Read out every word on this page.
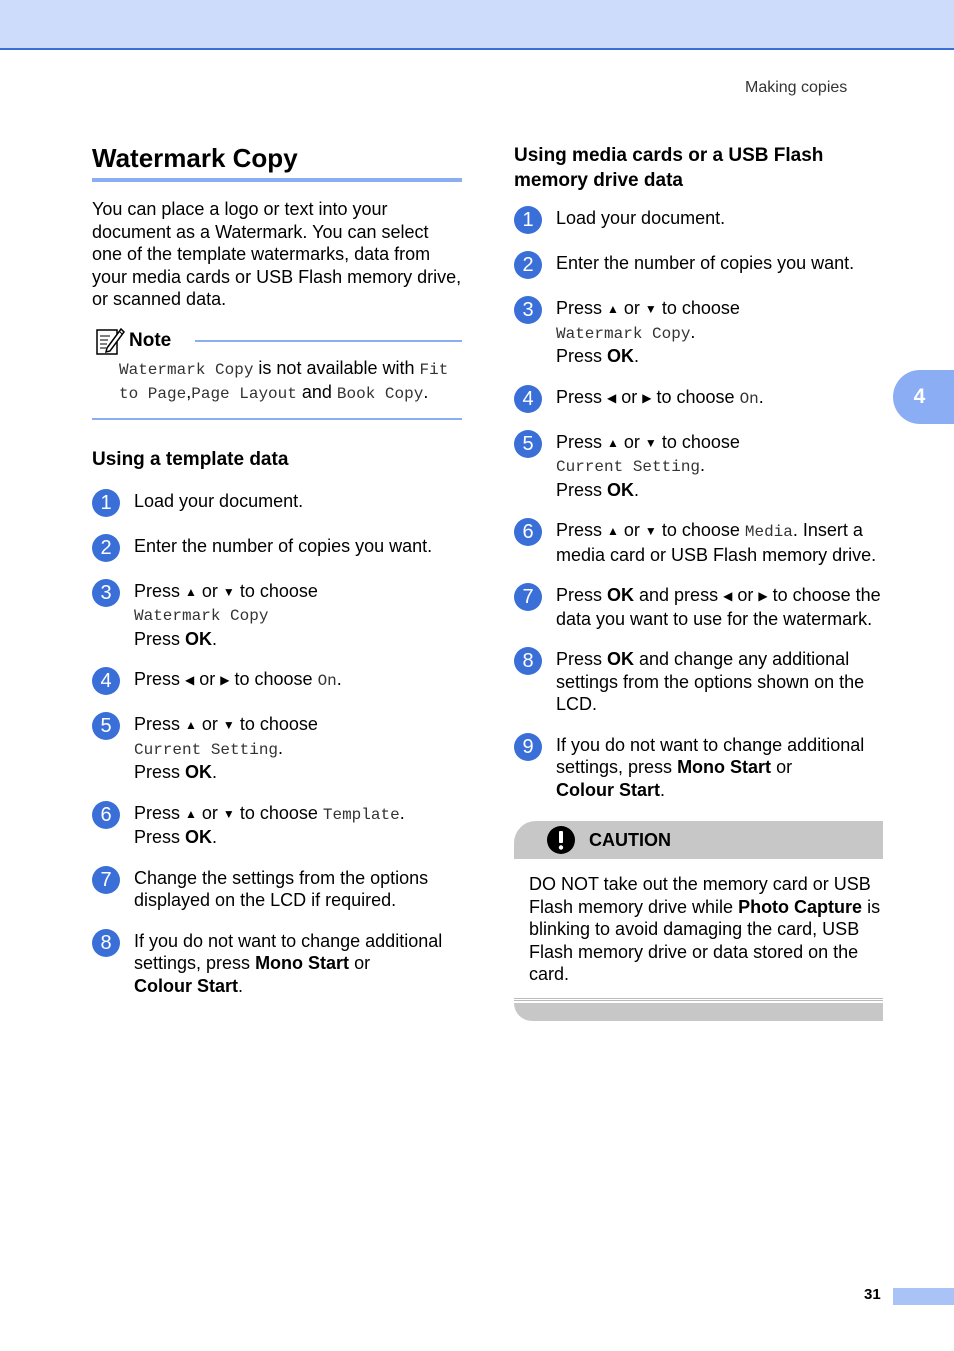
Making copies
4
Watermark Copy

You can place a logo or text into your document as a Watermark. You can select one of the template watermarks, data from your media cards or USB Flash memory drive, or scanned data.

Note
Watermark Copy is not available with Fit to Page,Page Layout and Book Copy.
Using a template data
1	Load your document.
2	Enter the number of copies you want.
3	Press ▲ or ▼ to choose
Watermark Copy
Press OK.
4	Press ◀ or ▶ to choose On.
5	Press ▲ or ▼ to choose
Current Setting.
Press OK.
6	Press ▲ or ▼ to choose Template.
Press OK.
7	Change the settings from the options displayed on the LCD if required.
8	If you do not want to change additional settings, press Mono Start or
Colour Start.
Using media cards or a USB Flash memory drive data
1	Load your document.
2	Enter the number of copies you want.
3	Press ▲ or ▼ to choose
Watermark Copy.
Press OK.
4	Press ◀ or ▶ to choose On.
5	Press ▲ or ▼ to choose
Current Setting.
Press OK.
6	Press ▲ or ▼ to choose Media. Insert a media card or USB Flash memory drive.
7	Press OK and press ◀ or ▶ to choose the data you want to use for the watermark.
8	Press OK and change any additional settings from the options shown on the LCD.
9	If you do not want to change additional settings, press Mono Start or
Colour Start.
CAUTION
DO NOT take out the memory card or USB Flash memory drive while Photo Capture is blinking to avoid damaging the card, USB Flash memory drive or data stored on the card.
31
